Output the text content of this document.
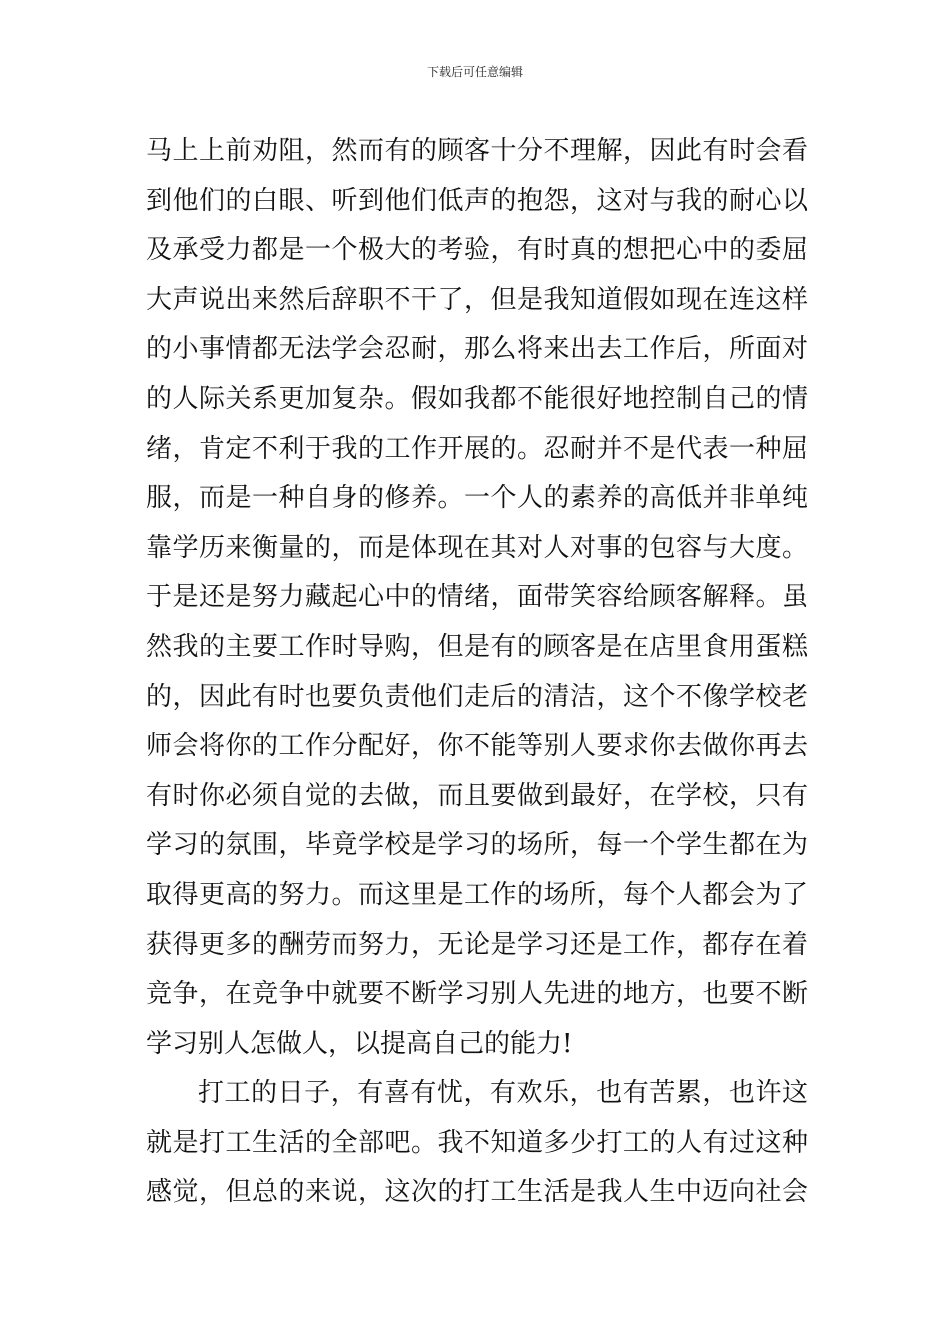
下载后可任意编辑
马上上前劝阻，然而有的顾客十分不理解，因此有时会看
到他们的白眼、听到他们低声的抱怨，这对与我的耐心以
及承受力都是一个极大的考验，有时真的想把心中的委屈
大声说出来然后辞职不干了，但是我知道假如现在连这样
的小事情都无法学会忍耐，那么将来出去工作后，所面对
的人际关系更加复杂。假如我都不能很好地控制自己的情
绪，肯定不利于我的工作开展的。忍耐并不是代表一种屈
服，而是一种自身的修养。一个人的素养的高低并非单纯
靠学历来衡量的，而是体现在其对人对事的包容与大度。
于是还是努力藏起心中的情绪，面带笑容给顾客解释。虽
然我的主要工作时导购，但是有的顾客是在店里食用蛋糕
的，因此有时也要负责他们走后的清洁，这个不像学校老
师会将你的工作分配好，你不能等别人要求你去做你再去
有时你必须自觉的去做，而且要做到最好，在学校，只有
学习的氛围，毕竟学校是学习的场所，每一个学生都在为
取得更高的努力。而这里是工作的场所，每个人都会为了
获得更多的酬劳而努力，无论是学习还是工作，都存在着
竞争，在竞争中就要不断学习别人先进的地方，也要不断
学习别人怎做人，以提高自己的能力!
打工的日子，有喜有忧，有欢乐，也有苦累，也许这
就是打工生活的全部吧。我不知道多少打工的人有过这种
感觉，但总的来说，这次的打工生活是我人生中迈向社会
